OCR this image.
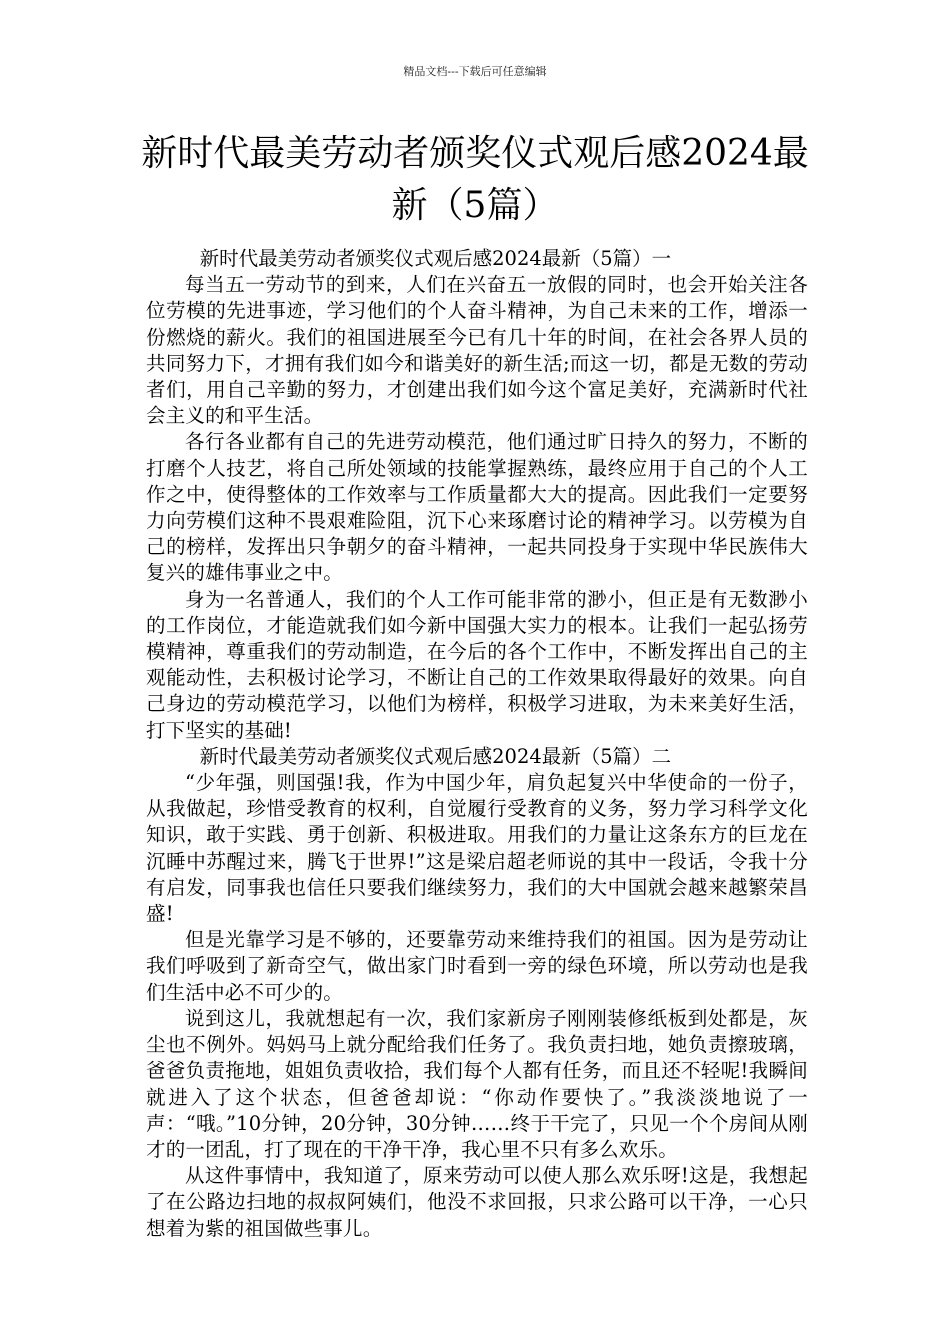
精品文档---下载后可任意编辑
新时代最美劳动者颁奖仪式观后感2024最新（5篇）

新时代最美劳动者颁奖仪式观后感2024最新（5篇）一

每当五一劳动节的到来，人们在兴奋五一放假的同时，也会开始关注各位劳模的先进事迹，学习他们的个人奋斗精神，为自己未来的工作，增添一份燃烧的薪火。我们的祖国进展至今已有几十年的时间，在社会各界人员的共同努力下，才拥有我们如今和谐美好的新生活;而这一切，都是无数的劳动者们，用自己辛勤的努力，才创建出我们如今这个富足美好，充满新时代社会主义的和平生活。

各行各业都有自己的先进劳动模范，他们通过旷日持久的努力，不断的打磨个人技艺，将自己所处领域的技能掌握熟练，最终应用于自己的个人工作之中，使得整体的工作效率与工作质量都大大的提高。因此我们一定要努力向劳模们这种不畏艰难险阻，沉下心来琢磨讨论的精神学习。以劳模为自己的榜样，发挥出只争朝夕的奋斗精神，一起共同投身于实现中华民族伟大复兴的雄伟事业之中。

身为一名普通人，我们的个人工作可能非常的渺小，但正是有无数渺小的工作岗位，才能造就我们如今新中国强大实力的根本。让我们一起弘扬劳模精神，尊重我们的劳动制造，在今后的各个工作中，不断发挥出自己的主观能动性，去积极讨论学习，不断让自己的工作效果取得最好的效果。向自己身边的劳动模范学习，以他们为榜样，积极学习进取，为未来美好生活，打下坚实的基础!

新时代最美劳动者颁奖仪式观后感2024最新（5篇）二

“少年强，则国强!我，作为中国少年，肩负起复兴中华使命的一份子，从我做起，珍惜受教育的权利，自觉履行受教育的义务，努力学习科学文化知识，敢于实践、勇于创新、积极进取。用我们的力量让这条东方的巨龙在沉睡中苏醒过来，腾飞于世界!”这是梁启超老师说的其中一段话，令我十分有启发，同事我也信任只要我们继续努力，我们的大中国就会越来越繁荣昌盛!

但是光靠学习是不够的，还要靠劳动来维持我们的祖国。因为是劳动让我们呼吸到了新奇空气，做出家门时看到一旁的绿色环境，所以劳动也是我们生活中必不可少的。

说到这儿，我就想起有一次，我们家新房子刚刚装修纸板到处都是，灰尘也不例外。妈妈马上就分配给我们任务了。我负责扫地，她负责擦玻璃，爸爸负责拖地，姐姐负责收拾，我们每个人都有任务，而且还不轻呢!我瞬间就进入了这个状态，但爸爸却说：“你动作要快了。”我淡淡地说了一声：“哦。”10分钟，20分钟，30分钟……终于干完了，只见一个个房间从刚才的一团乱，打了现在的干净干净，我心里不只有多么欢乐。

从这件事情中，我知道了，原来劳动可以使人那么欢乐呀!这是，我想起了在公路边扫地的叔叔阿姨们，他没不求回报，只求公路可以干净，一心只想着为紫的祖国做些事儿。
